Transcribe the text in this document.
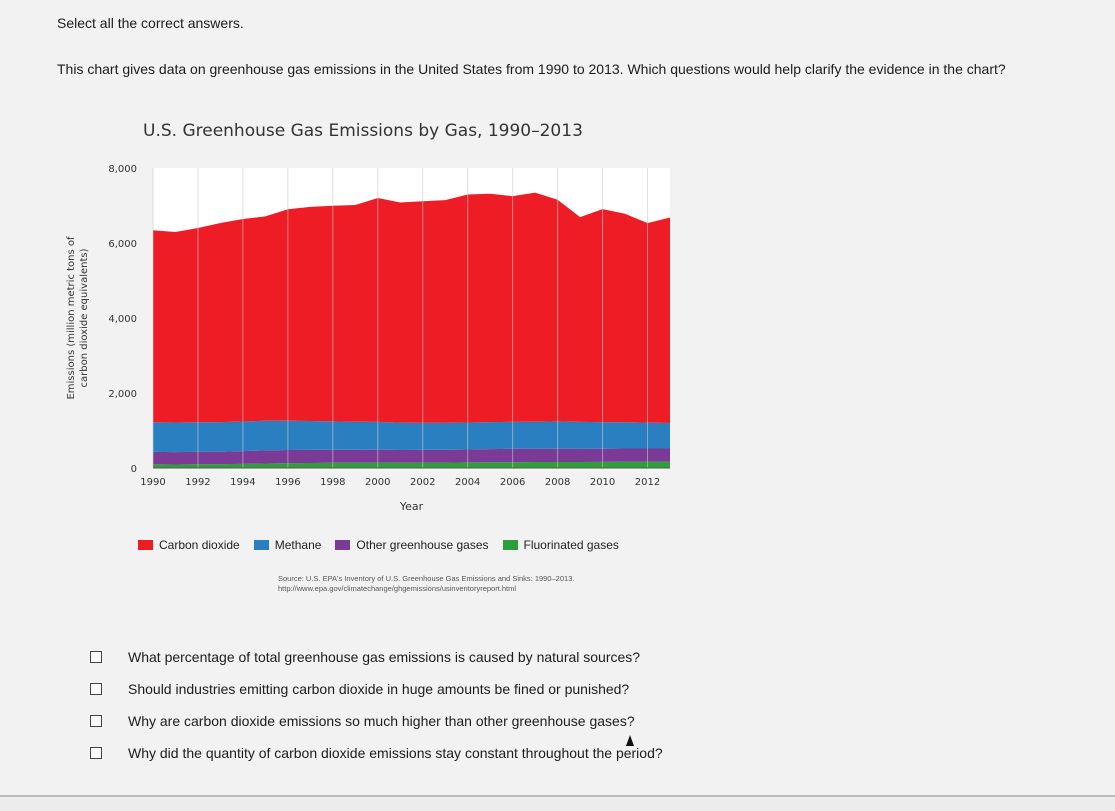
Select all the correct answers.
This chart gives data on greenhouse gas emissions in the United States from 1990 to 2013. Which questions would help clarify the evidence in the chart?
U.S. Greenhouse Gas Emissions by Gas, 1990–2013
1990 1992 1994 1996 1998 2000 2002 2004 2006 2008 2010 2012
0
2,000
4,000
6,000
8,000
Year
Emissions (million metric tons of carbon dioxide equivalents)
Carbon dioxide	Methane	Other greenhouse gases	Fluorinated gases
Source: U.S. EPA's Inventory of U.S. Greenhouse Gas Emissions and Sinks: 1990–2013.
http://www.epa.gov/climatechange/ghgemissions/usinventoryreport.html
What percentage of total greenhouse gas emissions is caused by natural sources?
Should industries emitting carbon dioxide in huge amounts be fined or punished?
Why are carbon dioxide emissions so much higher than other greenhouse gases?
Why did the quantity of carbon dioxide emissions stay constant throughout the period?
